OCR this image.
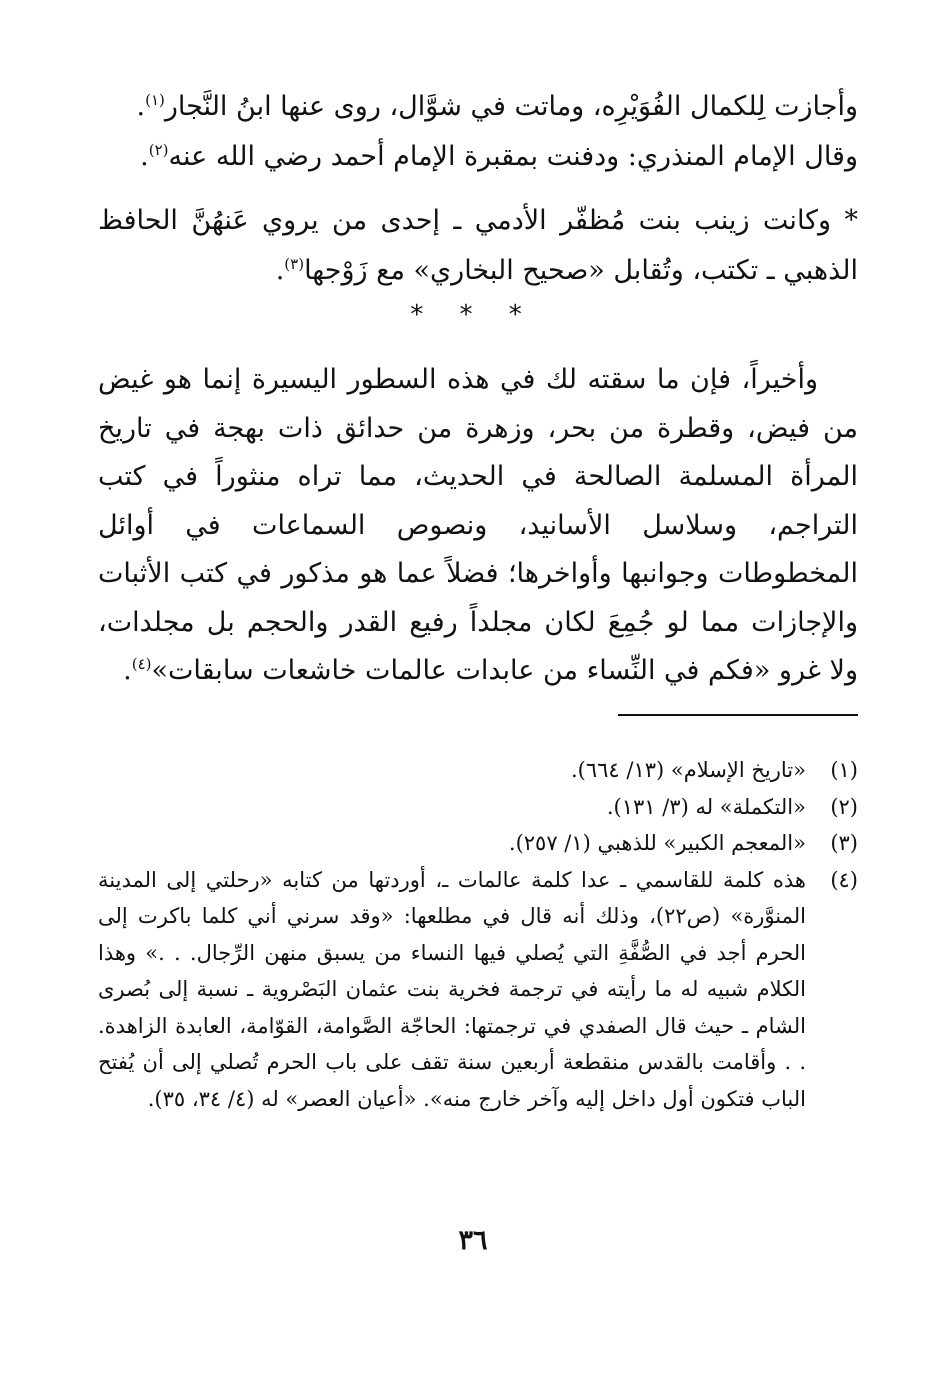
وأجازت لِلكمال الفُوَيْرِه، وماتت في شوَّال، روى عنها ابنُ النَّجار$^{(١)}$.

وقال الإمام المنذري: ودفنت بمقبرة الإمام أحمد رضي الله عنه$^{(٢)}$.

* وكانت زينب بنت مُظفّر الأدمي ـ إحدى من يروي عَنهُنَّ الحافظ الذهبي ـ تكتب، وتُقابل «صحيح البخاري» مع زَوْجها$^{(٣)}$.

* * *

وأخيراً، فإن ما سقته لك في هذه السطور اليسيرة إنما هو غيض من فيض، وقطرة من بحر، وزهرة من حدائق ذات بهجة في تاريخ المرأة المسلمة الصالحة في الحديث، مما تراه منثوراً في كتب التراجم، وسلاسل الأسانيد، ونصوص السماعات في أوائل المخطوطات وجوانبها وأواخرها؛ فضلاً عما هو مذكور في كتب الأثبات والإجازات مما لو جُمِعَ لكان مجلداً رفيع القدر والحجم بل مجلدات، ولا غرو «فكم في النِّساء من عابدات عالمات خاشعات سابقات»$^{(٤)}$.

(١)
«تاريخ الإسلام» (١٣/ ٦٦٤).
(٢)
«التكملة» له (٣/ ١٣١).
(٣)
«المعجم الكبير» للذهبي (١/ ٢٥٧).
(٤)
هذه كلمة للقاسمي ـ عدا كلمة عالمات ـ، أوردتها من كتابه «رحلتي إلى المدينة المنوَّرة» (ص٢٢)، وذلك أنه قال في مطلعها: «وقد سرني أني كلما باكرت إلى الحرم أجد في الصُّفَّةِ التي يُصلي فيها النساء من يسبق منهن الرِّجال. . .» وهذا الكلام شبيه له ما رأيته في ترجمة فخرية بنت عثمان البَصْروية ـ نسبة إلى بُصرى الشام ـ حيث قال الصفدي في ترجمتها: الحاجّة الصَّوامة، القوّامة، العابدة الزاهدة. . . وأقامت بالقدس منقطعة أربعين سنة تقف على باب الحرم تُصلي إلى أن يُفتح الباب فتكون أول داخل إليه وآخر خارج منه». «أعيان العصر» له (٤/ ٣٤، ٣٥).
٣٦
